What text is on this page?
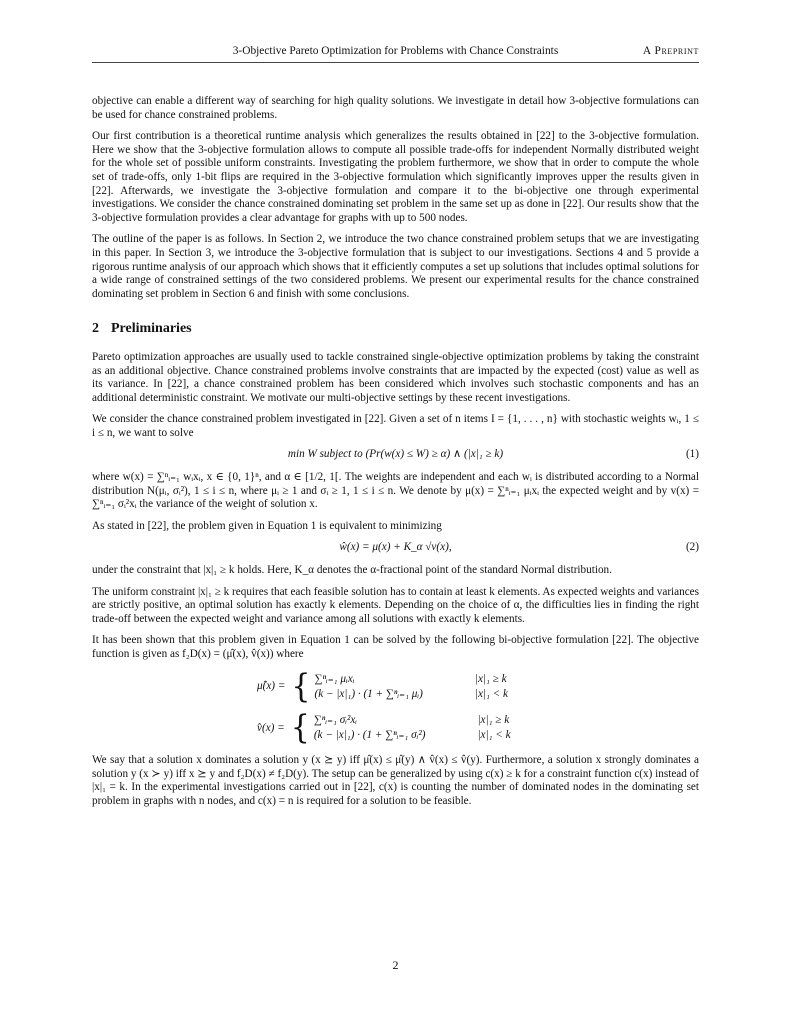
3-Objective Pareto Optimization for Problems with Chance Constraints	A Preprint

objective can enable a different way of searching for high quality solutions. We investigate in detail how 3-objective formulations can be used for chance constrained problems.

Our first contribution is a theoretical runtime analysis which generalizes the results obtained in [22] to the 3-objective formulation. Here we show that the 3-objective formulation allows to compute all possible trade-offs for independent Normally distributed weight for the whole set of possible uniform constraints. Investigating the problem furthermore, we show that in order to compute the whole set of trade-offs, only 1-bit flips are required in the 3-objective formulation which significantly improves upper the results given in [22]. Afterwards, we investigate the 3-objective formulation and compare it to the bi-objective one through experimental investigations. We consider the chance constrained dominating set problem in the same set up as done in [22]. Our results show that the 3-objective formulation provides a clear advantage for graphs with up to 500 nodes.

The outline of the paper is as follows. In Section 2, we introduce the two chance constrained problem setups that we are investigating in this paper. In Section 3, we introduce the 3-objective formulation that is subject to our investigations. Sections 4 and 5 provide a rigorous runtime analysis of our approach which shows that it efficiently computes a set up solutions that includes optimal solutions for a wide range of constrained settings of the two considered problems. We present our experimental results for the chance constrained dominating set problem in Section 6 and finish with some conclusions.

2 Preliminaries

Pareto optimization approaches are usually used to tackle constrained single-objective optimization problems by taking the constraint as an additional objective. Chance constrained problems involve constraints that are impacted by the expected (cost) value as well as its variance. In [22], a chance constrained problem has been considered which involves such stochastic components and has an additional deterministic constraint. We motivate our multi-objective settings by these recent investigations.

We consider the chance constrained problem investigated in [22]. Given a set of n items I = {1, . . . , n} with stochastic weights wᵢ, 1 ≤ i ≤ n, we want to solve

min W subject to (Pr(w(x) ≤ W) ≥ α) ∧ (|x|₁ ≥ k)	(1)

where w(x) = ∑ⁿᵢ₌₁ wᵢxᵢ, x ∈ {0, 1}ⁿ, and α ∈ [1/2, 1[. The weights are independent and each wᵢ is distributed according to a Normal distribution N(μᵢ, σᵢ²), 1 ≤ i ≤ n, where μᵢ ≥ 1 and σᵢ ≥ 1, 1 ≤ i ≤ n. We denote by μ(x) = ∑ⁿᵢ₌₁ μᵢxᵢ the expected weight and by v(x) = ∑ⁿᵢ₌₁ σᵢ²xᵢ the variance of the weight of solution x.

As stated in [22], the problem given in Equation 1 is equivalent to minimizing

ŵ(x) = μ(x) + K_α √v(x),	(2)

under the constraint that |x|₁ ≥ k holds. Here, K_α denotes the α-fractional point of the standard Normal distribution.

The uniform constraint |x|₁ ≥ k requires that each feasible solution has to contain at least k elements. As expected weights and variances are strictly positive, an optimal solution has exactly k elements. Depending on the choice of α, the difficulties lies in finding the right trade-off between the expected weight and variance among all solutions with exactly k elements.

It has been shown that this problem given in Equation 1 can be solved by the following bi-objective formulation [22]. The objective function is given as f₂D(x) = (μ̂(x), v̂(x)) where

μ̂(x) = { ∑ⁿᵢ₌₁ μᵢxᵢ	|x|₁ ≥ k
(k − |x|₁) · (1 + ∑ⁿᵢ₌₁ μᵢ)	|x|₁ < k
v̂(x) = { ∑ⁿᵢ₌₁ σᵢ²xᵢ	|x|₁ ≥ k
(k − |x|₁) · (1 + ∑ⁿᵢ₌₁ σᵢ²)	|x|₁ < k

We say that a solution x dominates a solution y (x ⪰ y) iff μ̂(x) ≤ μ̂(y) ∧ v̂(x) ≤ v̂(y). Furthermore, a solution x strongly dominates a solution y (x ≻ y) iff x ⪰ y and f₂D(x) ≠ f₂D(y). The setup can be generalized by using c(x) ≥ k for a constraint function c(x) instead of |x|₁ = k. In the experimental investigations carried out in [22], c(x) is counting the number of dominated nodes in the dominating set problem in graphs with n nodes, and c(x) = n is required for a solution to be feasible.

2
